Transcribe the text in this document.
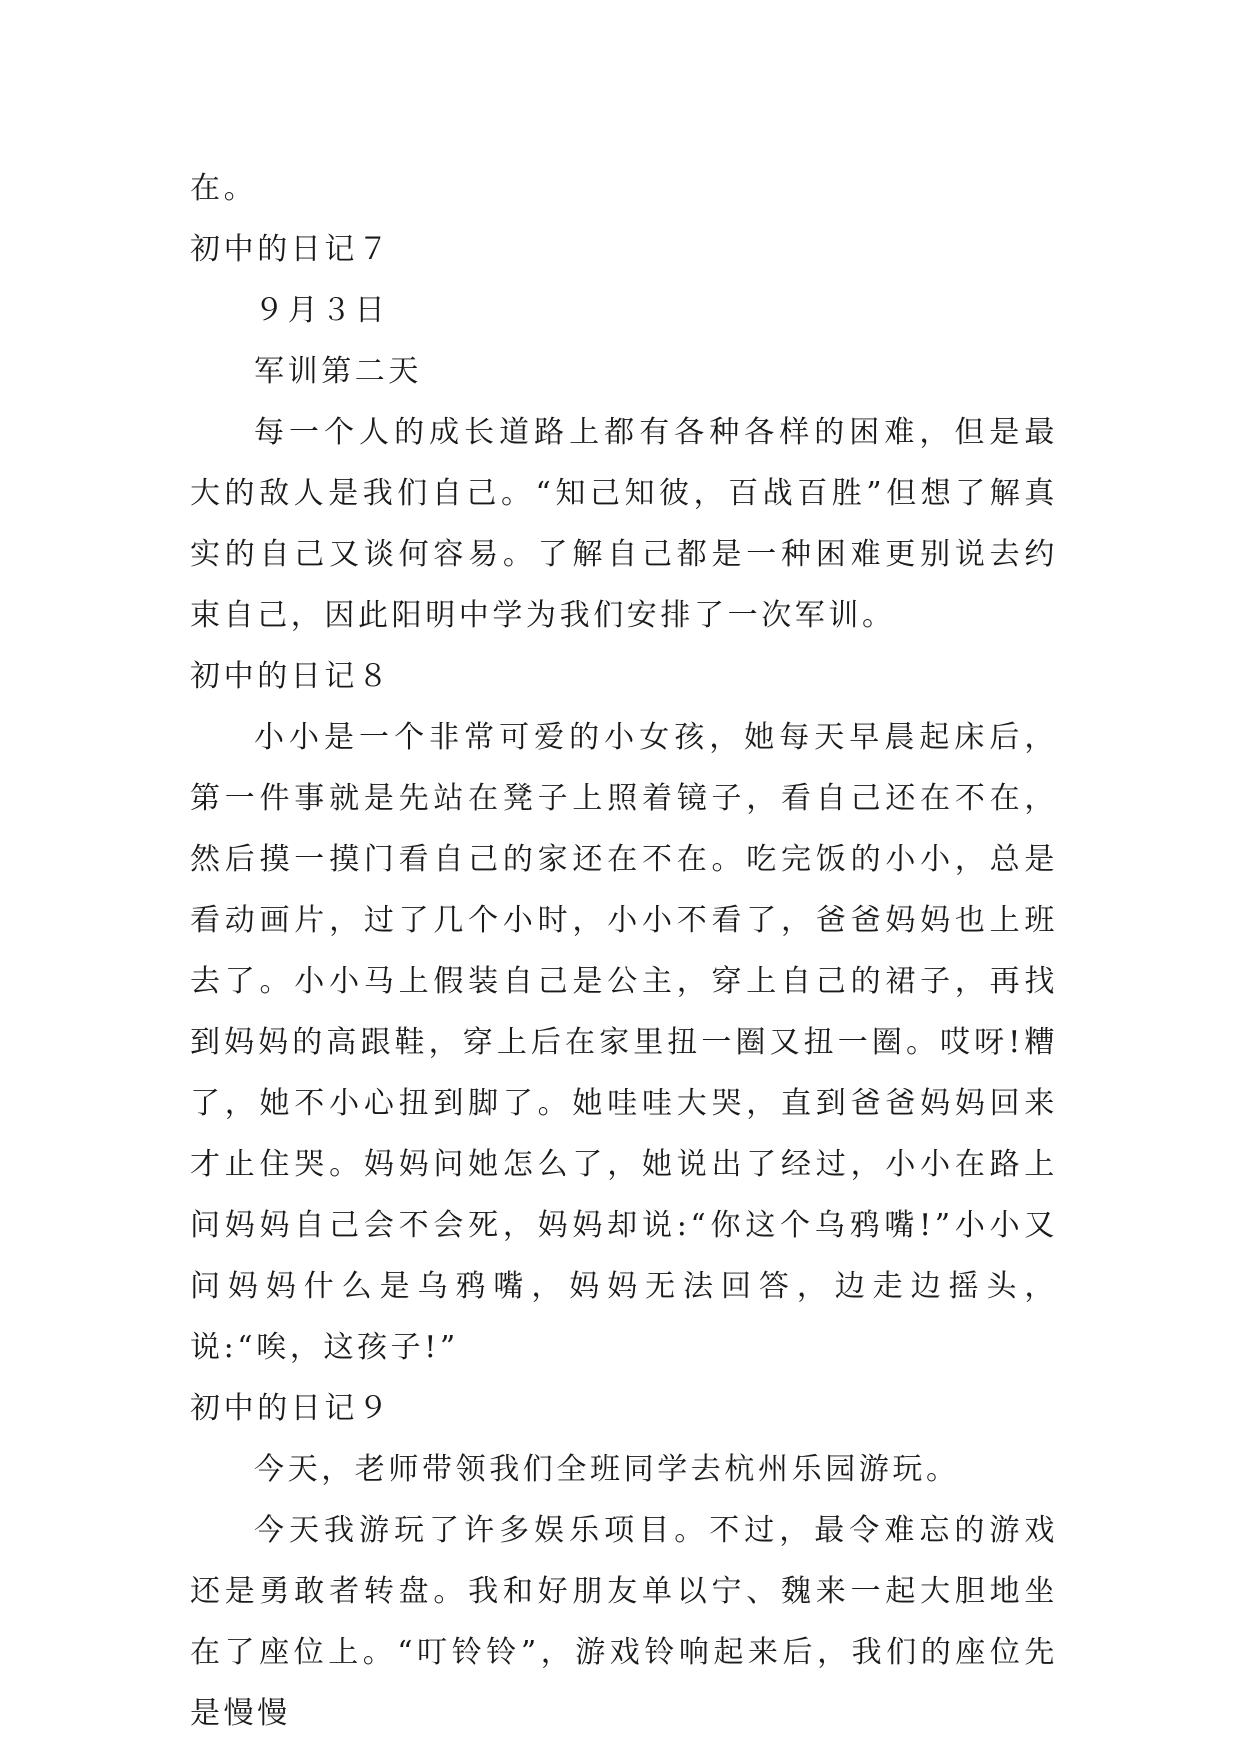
在。

初中的日记７

９月３日

军训第二天

每一个人的成长道路上都有各种各样的困难，但是最大的敌人是我们自己。“知己知彼，百战百胜”但想了解真实的自己又谈何容易。了解自己都是一种困难更别说去约束自己，因此阳明中学为我们安排了一次军训。

初中的日记８

小小是一个非常可爱的小女孩，她每天早晨起床后，第一件事就是先站在凳子上照着镜子，看自己还在不在，然后摸一摸门看自己的家还在不在。吃完饭的小小，总是看动画片，过了几个小时，小小不看了，爸爸妈妈也上班去了。小小马上假装自己是公主，穿上自己的裙子，再找到妈妈的高跟鞋，穿上后在家里扭一圈又扭一圈。哎呀!糟了，她不小心扭到脚了。她哇哇大哭，直到爸爸妈妈回来才止住哭。妈妈问她怎么了，她说出了经过，小小在路上问妈妈自己会不会死，妈妈却说:“你这个乌鸦嘴!”小小又问妈妈什么是乌鸦嘴，妈妈无法回答，边走边摇头，说:“唉，这孩子!”

初中的日记９

今天，老师带领我们全班同学去杭州乐园游玩。

今天我游玩了许多娱乐项目。不过，最令难忘的游戏还是勇敢者转盘。我和好朋友单以宁、魏来一起大胆地坐在了座位上。“叮铃铃”，游戏铃响起来后，我们的座位先是慢慢
